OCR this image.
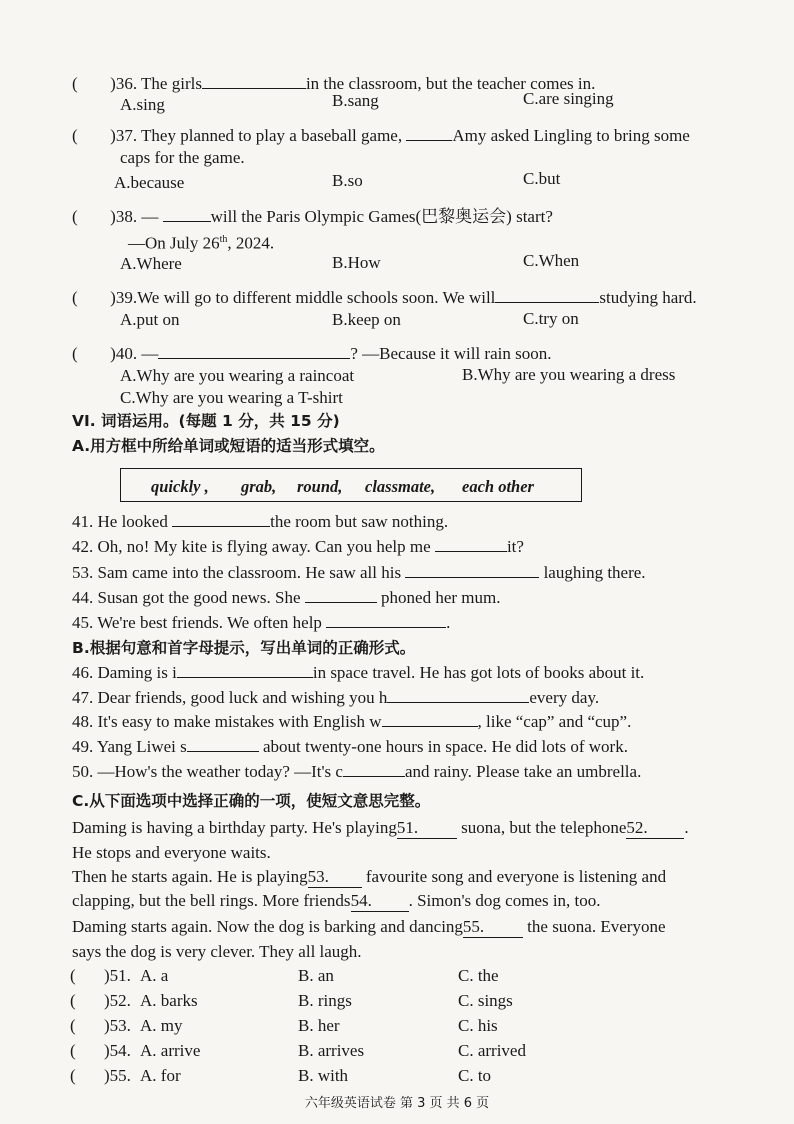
( )36. The girls	in the classroom, but the teacher comes in.
A.sing	B.sang	C.are singing
( )37. They planned to play a baseball game,	Amy asked Lingling to bring some
caps for the game.
A.because	B.so	C.but
( )38. —	will the Paris Olympic Games(巴黎奥运会) start?
—On July 26th, 2024.
A.Where	B.How	C.When
( )39.We will go to different middle schools soon. We will	studying hard.
A.put on	B.keep on	C.try on
( )40. —	? —Because it will rain soon.
A.Why are you wearing a raincoat	B.Why are you wearing a dress
C.Why are you wearing a T-shirt
VI. 词语运用。(每题 1 分，共 15 分)
A.用方框中所给单词或短语的适当形式填空。
quickly , grab, round, classmate, each other
41. He looked	the room but saw nothing.
42. Oh, no! My kite is flying away. Can you help me	it?
53. Sam came into the classroom. He saw all his	laughing there.
44. Susan got the good news. She	phoned her mum.
45. We're best friends. We often help	.
B.根据句意和首字母提示，写出单词的正确形式。
46. Daming is i	in space travel. He has got lots of books about it.
47. Dear friends, good luck and wishing you h	every day.
48. It's easy to make mistakes with English w	, like “cap” and “cup”.
49. Yang Liwei s	about twenty-one hours in space. He did lots of work.
50. —How's the weather today? —It's c	and rainy. Please take an umbrella.
C.从下面选项中选择正确的一项，使短文意思完整。
Daming is having a birthday party. He's playing51.	suona, but the telephone52. .
He stops and everyone waits.
Then he starts again. He is playing53. favourite song and everyone is listening and
clapping, but the bell rings. More friends54. . Simon's dog comes in, too.
Daming starts again. Now the dog is barking and dancing55.	the suona. Everyone
says the dog is very clever. They all laugh.
( )51. A. a	B. an	C. the
( )52. A. barks	B. rings	C. sings
( )53. A. my	B. her	C. his
( )54. A. arrive	B. arrives	C. arrived
( )55. A. for	B. with	C. to
六年级英语试卷 第 3 页 共 6 页
